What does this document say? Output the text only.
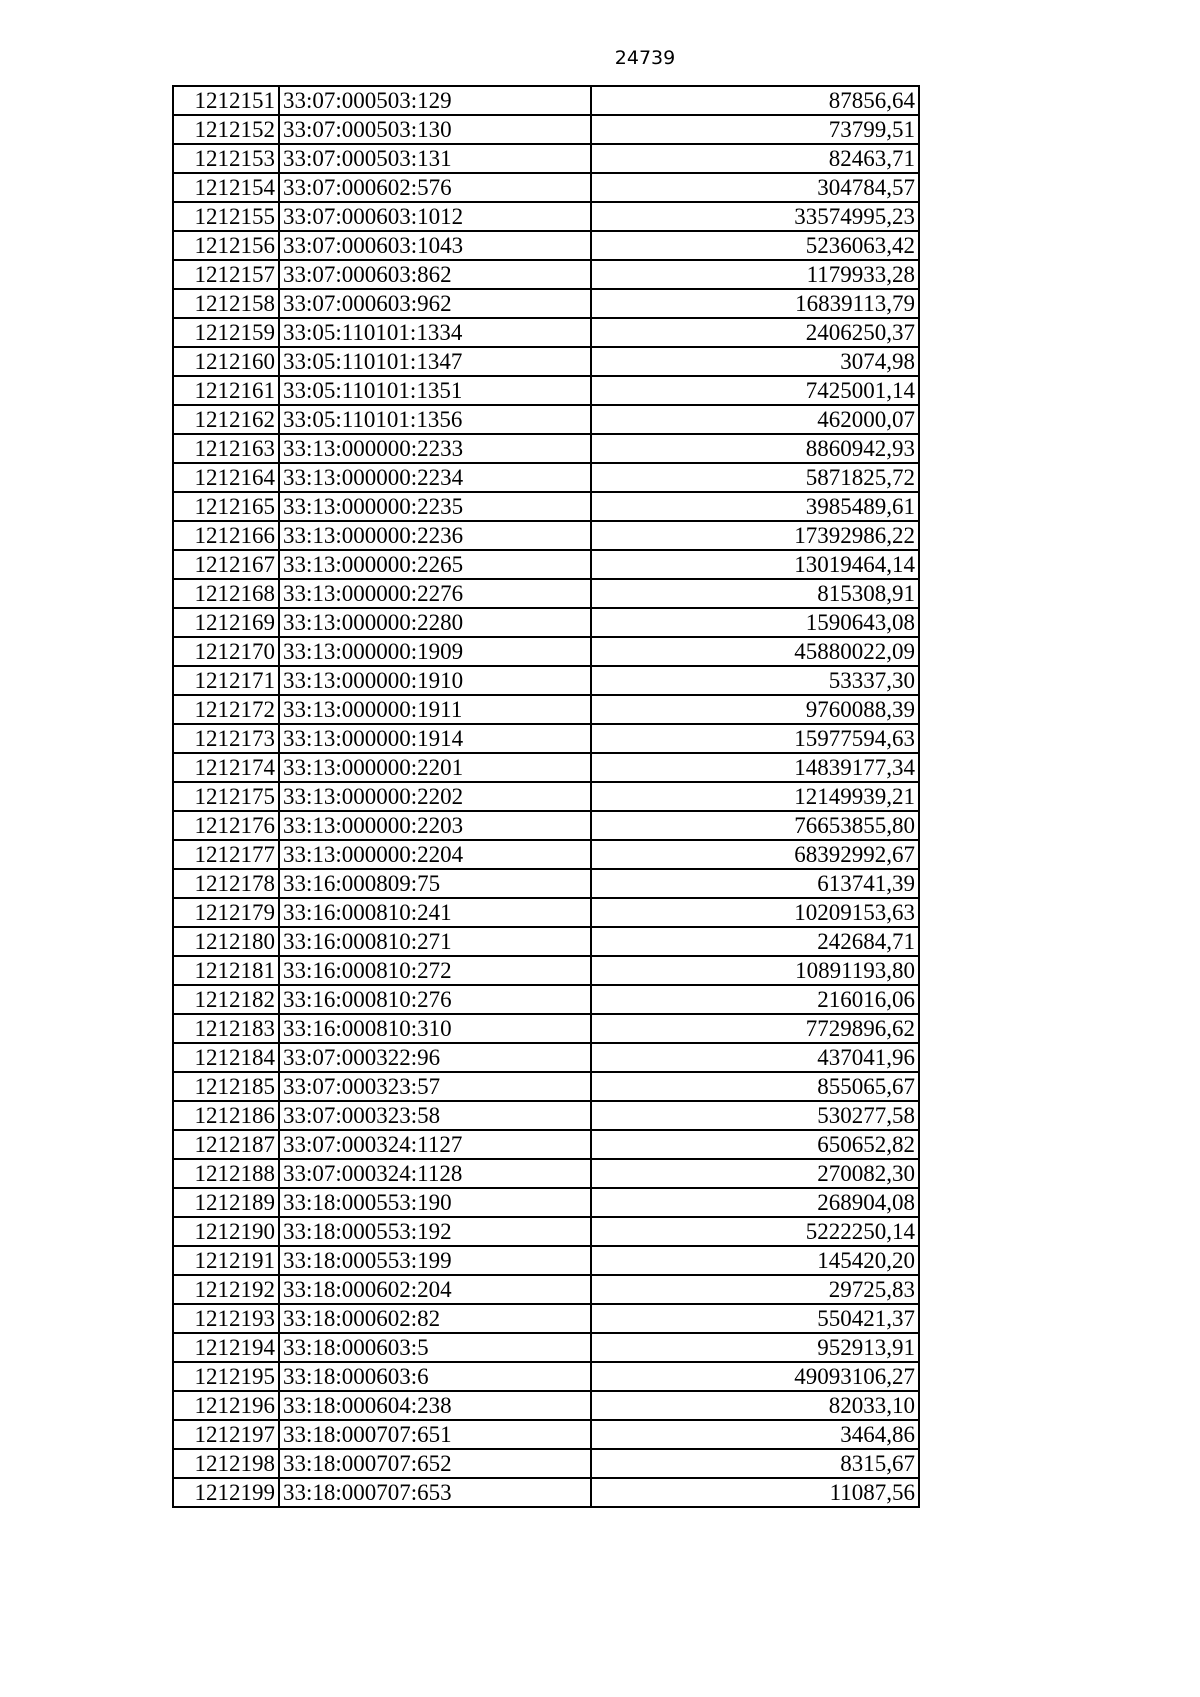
24739
1212151	33:07:000503:129	87856,64
1212152	33:07:000503:130	73799,51
1212153	33:07:000503:131	82463,71
1212154	33:07:000602:576	304784,57
1212155	33:07:000603:1012	33574995,23
1212156	33:07:000603:1043	5236063,42
1212157	33:07:000603:862	1179933,28
1212158	33:07:000603:962	16839113,79
1212159	33:05:110101:1334	2406250,37
1212160	33:05:110101:1347	3074,98
1212161	33:05:110101:1351	7425001,14
1212162	33:05:110101:1356	462000,07
1212163	33:13:000000:2233	8860942,93
1212164	33:13:000000:2234	5871825,72
1212165	33:13:000000:2235	3985489,61
1212166	33:13:000000:2236	17392986,22
1212167	33:13:000000:2265	13019464,14
1212168	33:13:000000:2276	815308,91
1212169	33:13:000000:2280	1590643,08
1212170	33:13:000000:1909	45880022,09
1212171	33:13:000000:1910	53337,30
1212172	33:13:000000:1911	9760088,39
1212173	33:13:000000:1914	15977594,63
1212174	33:13:000000:2201	14839177,34
1212175	33:13:000000:2202	12149939,21
1212176	33:13:000000:2203	76653855,80
1212177	33:13:000000:2204	68392992,67
1212178	33:16:000809:75	613741,39
1212179	33:16:000810:241	10209153,63
1212180	33:16:000810:271	242684,71
1212181	33:16:000810:272	10891193,80
1212182	33:16:000810:276	216016,06
1212183	33:16:000810:310	7729896,62
1212184	33:07:000322:96	437041,96
1212185	33:07:000323:57	855065,67
1212186	33:07:000323:58	530277,58
1212187	33:07:000324:1127	650652,82
1212188	33:07:000324:1128	270082,30
1212189	33:18:000553:190	268904,08
1212190	33:18:000553:192	5222250,14
1212191	33:18:000553:199	145420,20
1212192	33:18:000602:204	29725,83
1212193	33:18:000602:82	550421,37
1212194	33:18:000603:5	952913,91
1212195	33:18:000603:6	49093106,27
1212196	33:18:000604:238	82033,10
1212197	33:18:000707:651	3464,86
1212198	33:18:000707:652	8315,67
1212199	33:18:000707:653	11087,56
